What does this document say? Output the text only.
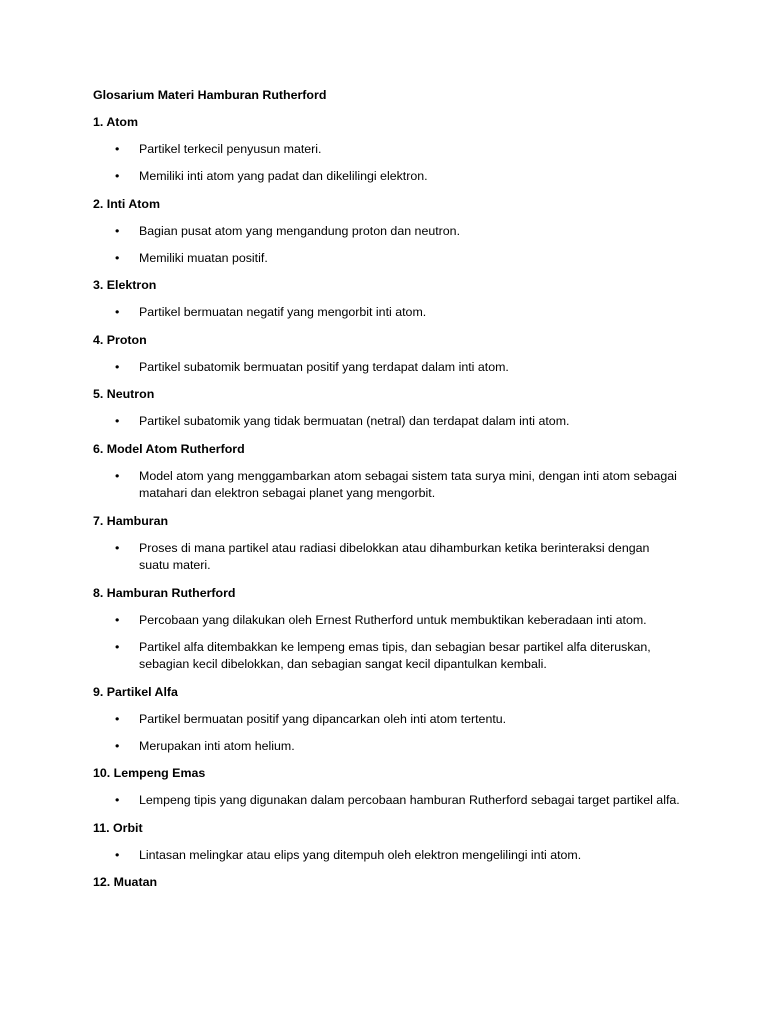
Glosarium Materi Hamburan Rutherford
1. Atom
• Partikel terkecil penyusun materi.
• Memiliki inti atom yang padat dan dikelilingi elektron.
2. Inti Atom
• Bagian pusat atom yang mengandung proton dan neutron.
• Memiliki muatan positif.
3. Elektron
• Partikel bermuatan negatif yang mengorbit inti atom.
4. Proton
• Partikel subatomik bermuatan positif yang terdapat dalam inti atom.
5. Neutron
• Partikel subatomik yang tidak bermuatan (netral) dan terdapat dalam inti atom.
6. Model Atom Rutherford
• Model atom yang menggambarkan atom sebagai sistem tata surya mini, dengan inti atom sebagai matahari dan elektron sebagai planet yang mengorbit.
7. Hamburan
• Proses di mana partikel atau radiasi dibelokkan atau dihamburkan ketika berinteraksi dengan suatu materi.
8. Hamburan Rutherford
• Percobaan yang dilakukan oleh Ernest Rutherford untuk membuktikan keberadaan inti atom.
• Partikel alfa ditembakkan ke lempeng emas tipis, dan sebagian besar partikel alfa diteruskan, sebagian kecil dibelokkan, dan sebagian sangat kecil dipantulkan kembali.
9. Partikel Alfa
• Partikel bermuatan positif yang dipancarkan oleh inti atom tertentu.
• Merupakan inti atom helium.
10. Lempeng Emas
• Lempeng tipis yang digunakan dalam percobaan hamburan Rutherford sebagai target partikel alfa.
11. Orbit
• Lintasan melingkar atau elips yang ditempuh oleh elektron mengelilingi inti atom.
12. Muatan
